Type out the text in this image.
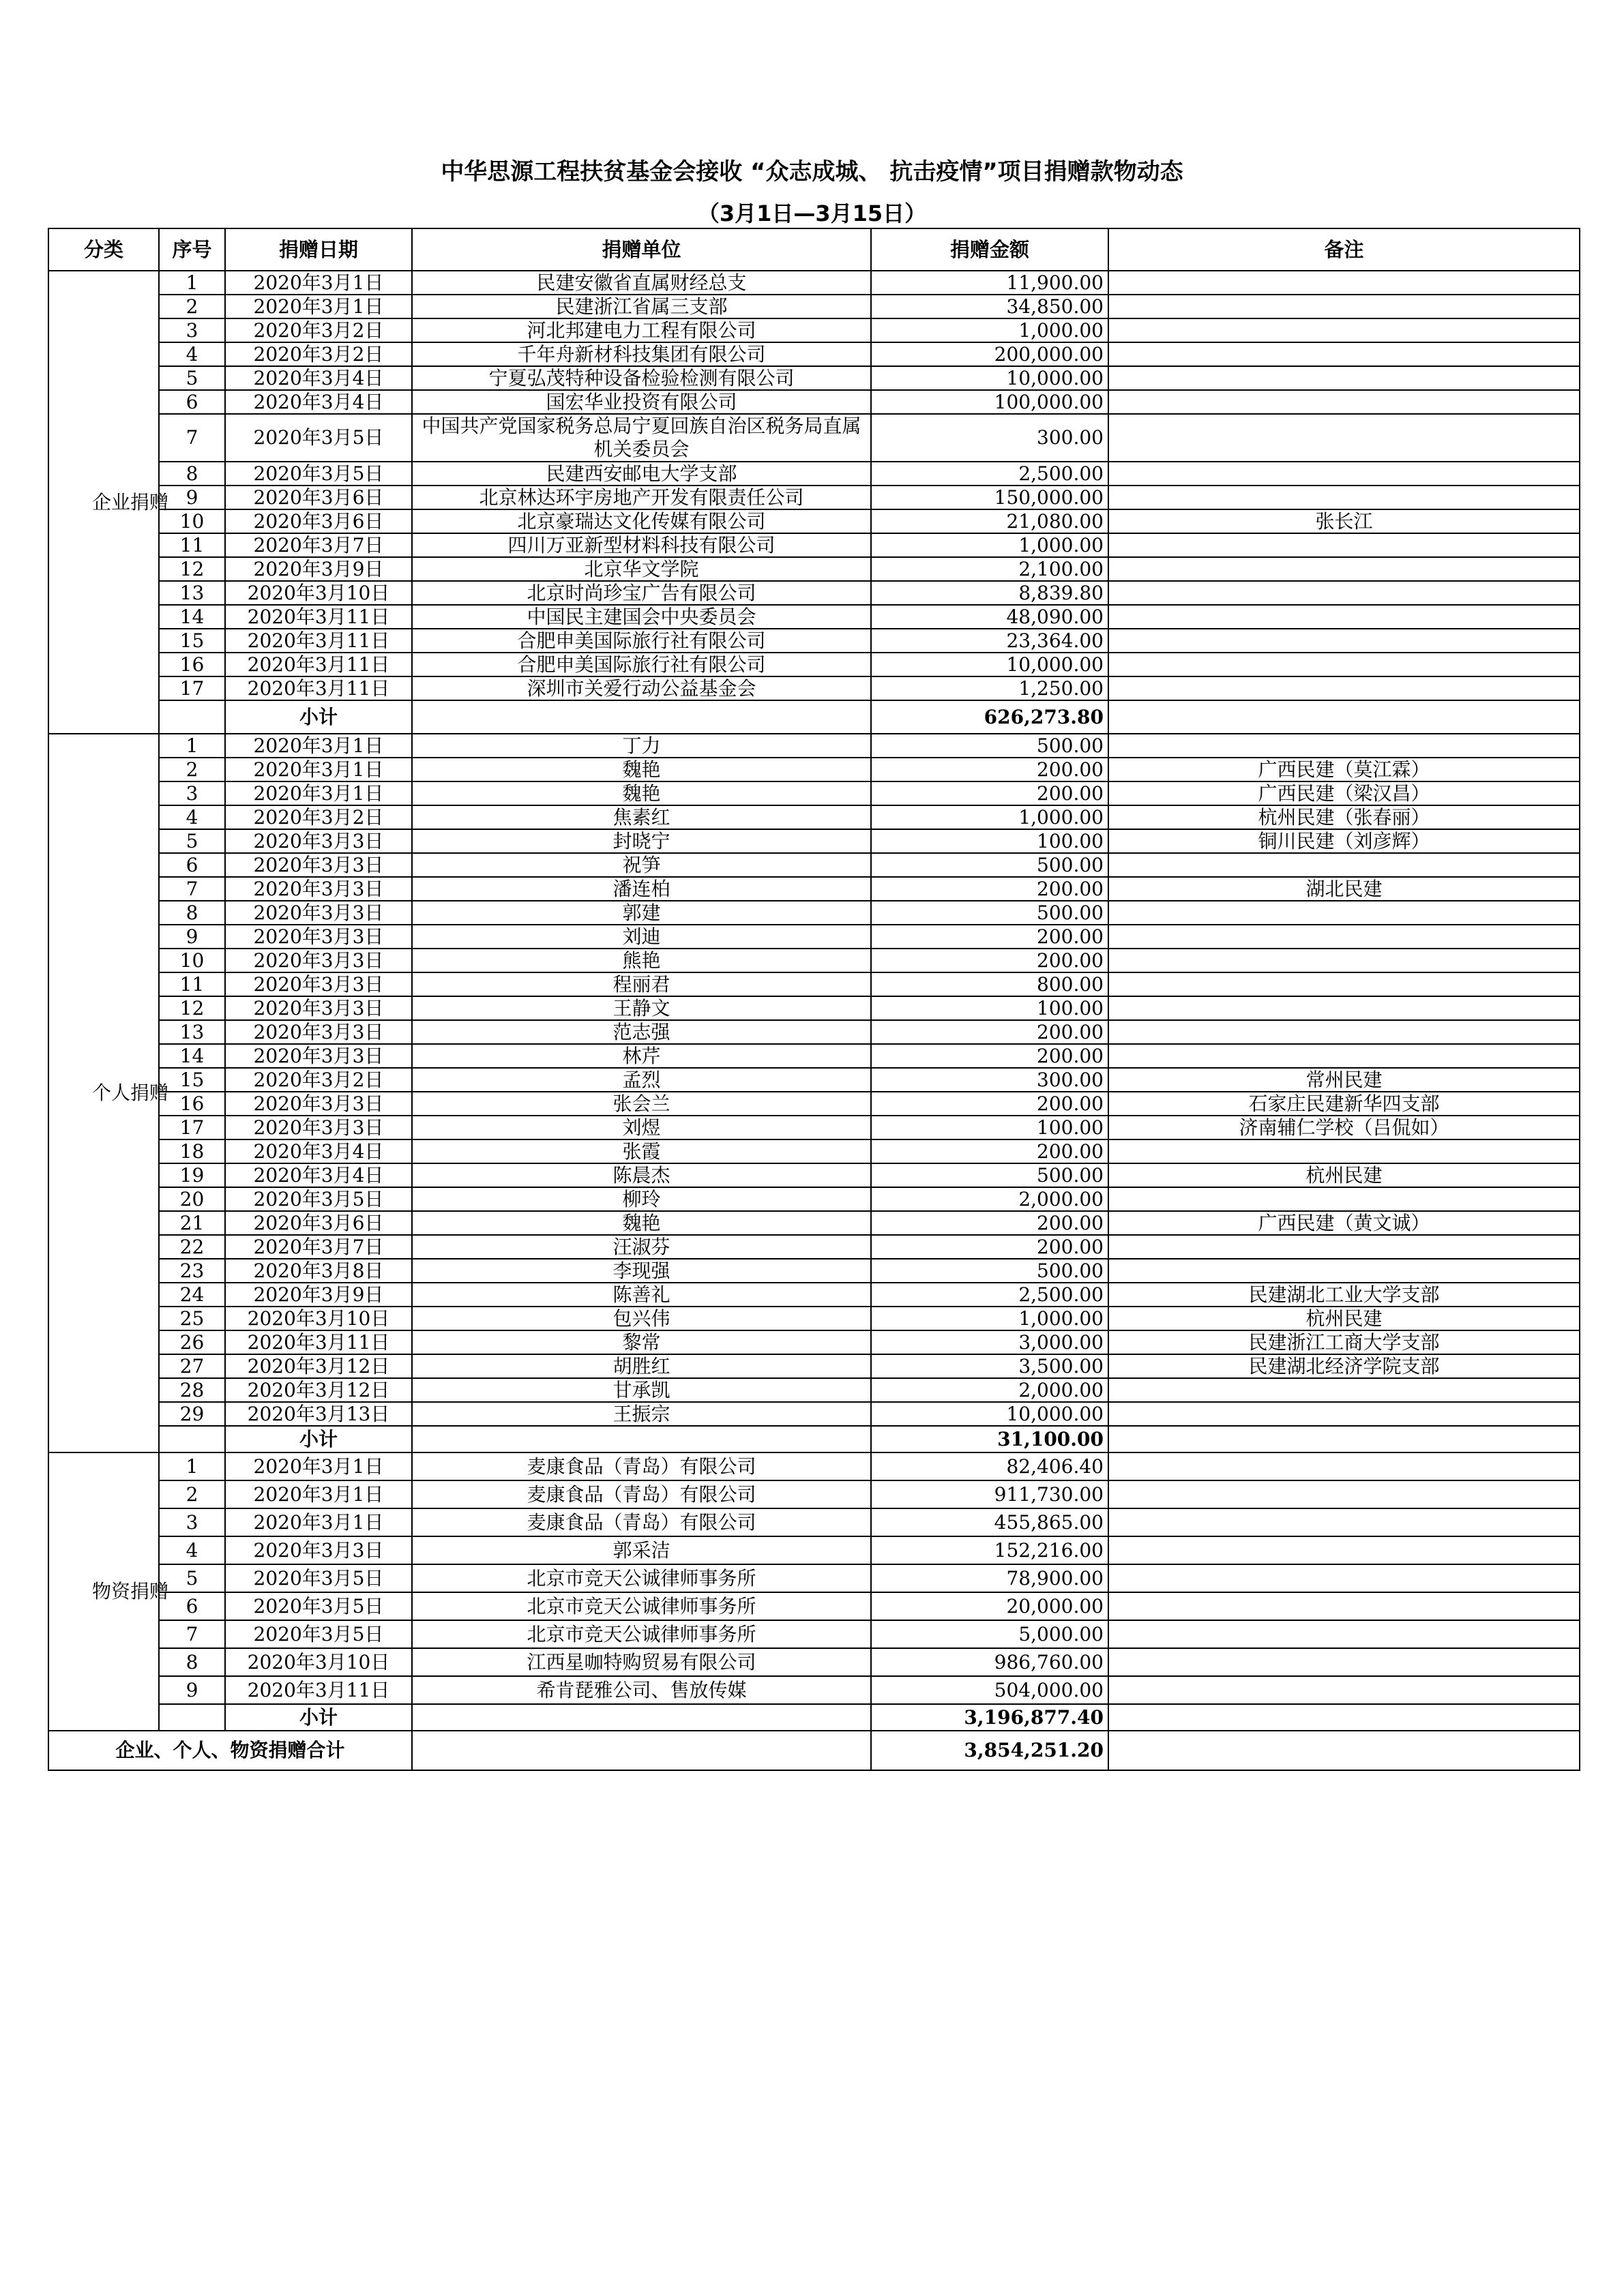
中华思源工程扶贫基金会接收 “众志成城、 抗击疫情”项目捐赠款物动态
（3月1日—3月15日）
分类	序号	捐赠日期	捐赠单位	捐赠金额	备注
企业捐赠	1	2020年3月1日	民建安徽省直属财经总支	11,900.00	
	2	2020年3月1日	民建浙江省属三支部	34,850.00	
	3	2020年3月2日	河北邦建电力工程有限公司	1,000.00	
	4	2020年3月2日	千年舟新材科技集团有限公司	200,000.00	
	5	2020年3月4日	宁夏弘茂特种设备检验检测有限公司	10,000.00	
	6	2020年3月4日	国宏华业投资有限公司	100,000.00	
	7	2020年3月5日	中国共产党国家税务总局宁夏回族自治区税务局直属机关委员会	300.00	
	8	2020年3月5日	民建西安邮电大学支部	2,500.00	
	9	2020年3月6日	北京林达环宇房地产开发有限责任公司	150,000.00	
	10	2020年3月6日	北京豪瑞达文化传媒有限公司	21,080.00	张长江
	11	2020年3月7日	四川万亚新型材料科技有限公司	1,000.00	
	12	2020年3月9日	北京华文学院	2,100.00	
	13	2020年3月10日	北京时尚珍宝广告有限公司	8,839.80	
	14	2020年3月11日	中国民主建国会中央委员会	48,090.00	
	15	2020年3月11日	合肥申美国际旅行社有限公司	23,364.00	
	16	2020年3月11日	合肥申美国际旅行社有限公司	10,000.00	
	17	2020年3月11日	深圳市关爱行动公益基金会	1,250.00	
		小计		626,273.80	
个人捐赠	1	2020年3月1日	丁力	500.00	
	2	2020年3月1日	魏艳	200.00	广西民建（莫江霖）
	3	2020年3月1日	魏艳	200.00	广西民建（梁汉昌）
	4	2020年3月2日	焦素红	1,000.00	杭州民建（张春丽）
	5	2020年3月3日	封晓宁	100.00	铜川民建（刘彦辉）
	6	2020年3月3日	祝笋	500.00	
	7	2020年3月3日	潘连柏	200.00	湖北民建
	8	2020年3月3日	郭建	500.00	
	9	2020年3月3日	刘迪	200.00	
	10	2020年3月3日	熊艳	200.00	
	11	2020年3月3日	程丽君	800.00	
	12	2020年3月3日	王静文	100.00	
	13	2020年3月3日	范志强	200.00	
	14	2020年3月3日	林芹	200.00	
	15	2020年3月2日	孟烈	300.00	常州民建
	16	2020年3月3日	张会兰	200.00	石家庄民建新华四支部
	17	2020年3月3日	刘煜	100.00	济南辅仁学校（吕侃如）
	18	2020年3月4日	张霞	200.00	
	19	2020年3月4日	陈晨杰	500.00	杭州民建
	20	2020年3月5日	柳玲	2,000.00	
	21	2020年3月6日	魏艳	200.00	广西民建（黄文诚）
	22	2020年3月7日	汪淑芬	200.00	
	23	2020年3月8日	李现强	500.00	
	24	2020年3月9日	陈善礼	2,500.00	民建湖北工业大学支部
	25	2020年3月10日	包兴伟	1,000.00	杭州民建
	26	2020年3月11日	黎常	3,000.00	民建浙江工商大学支部
	27	2020年3月12日	胡胜红	3,500.00	民建湖北经济学院支部
	28	2020年3月12日	甘承凯	2,000.00	
	29	2020年3月13日	王振宗	10,000.00	
		小计		31,100.00	
物资捐赠	1	2020年3月1日	麦康食品（青岛）有限公司	82,406.40	
	2	2020年3月1日	麦康食品（青岛）有限公司	911,730.00	
	3	2020年3月1日	麦康食品（青岛）有限公司	455,865.00	
	4	2020年3月3日	郭采洁	152,216.00	
	5	2020年3月5日	北京市竞天公诚律师事务所	78,900.00	
	6	2020年3月5日	北京市竞天公诚律师事务所	20,000.00	
	7	2020年3月5日	北京市竞天公诚律师事务所	5,000.00	
	8	2020年3月10日	江西星咖特购贸易有限公司	986,760.00	
	9	2020年3月11日	希肯琵雅公司、售放传媒	504,000.00	
		小计		3,196,877.40	
企业、个人、物资捐赠合计				3,854,251.20	
